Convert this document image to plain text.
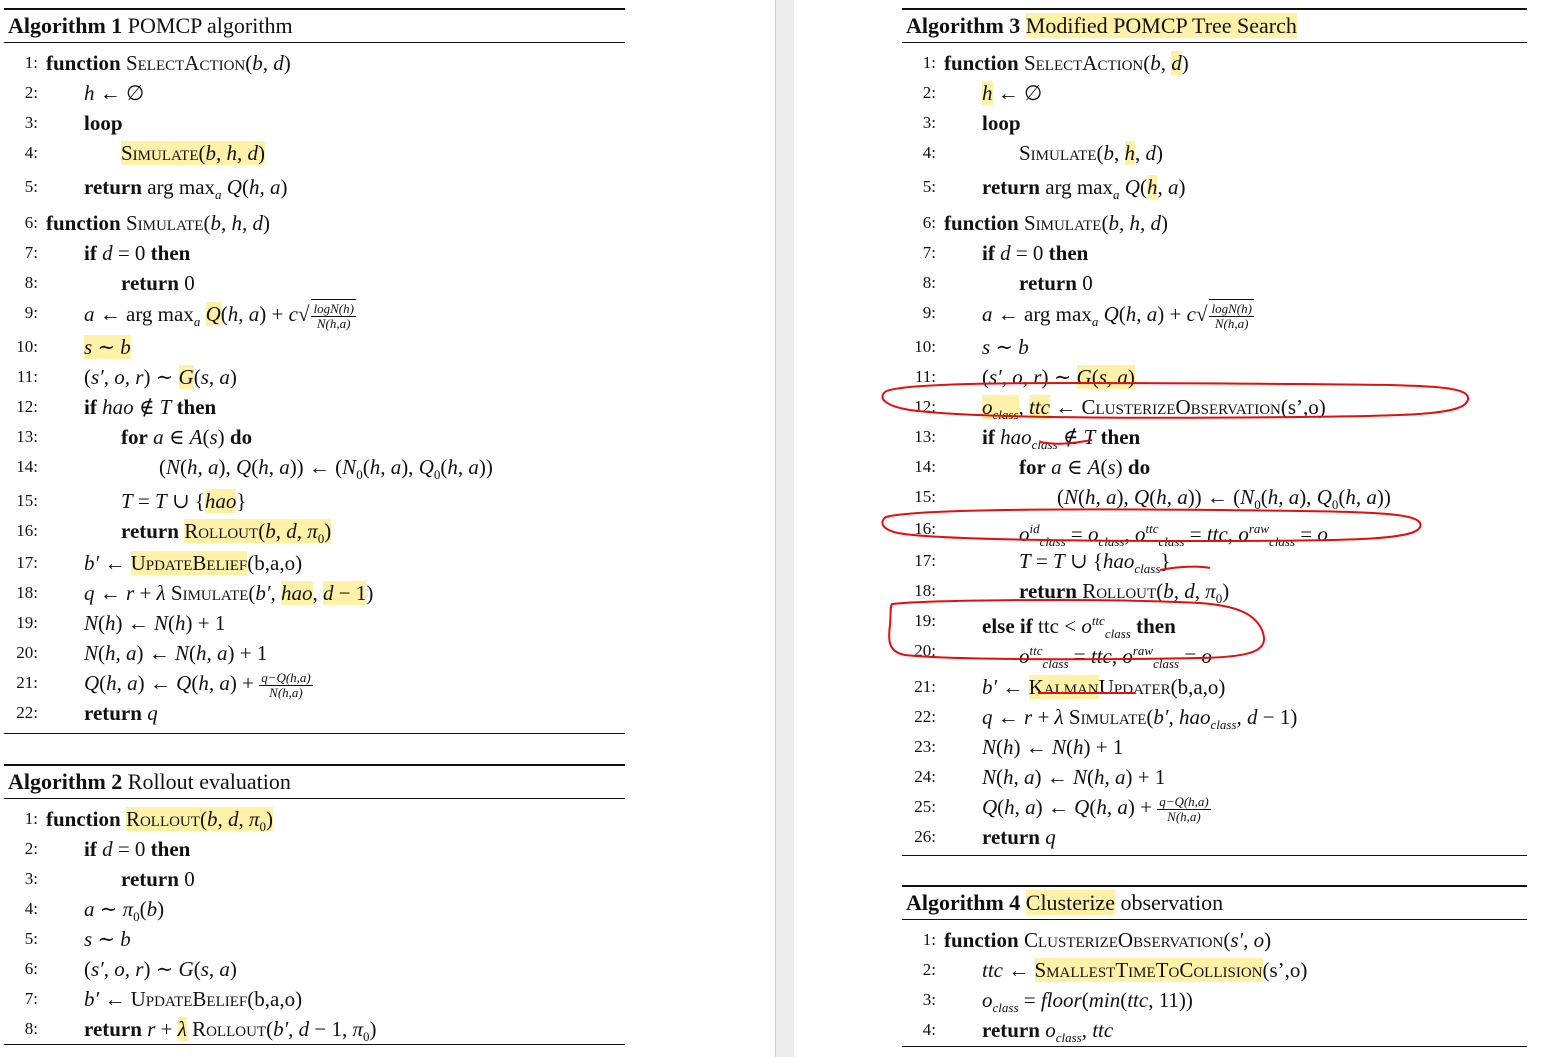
Algorithm 1 POMCP algorithm
1: function SelectAction(b, d)
2: h ← ∅
3: loop
4:	Simulate(b, h, d)
5: return arg $\max_a Q(h$, a)
6: function Simulate(b, h, d)
7: if d = 0 then
8:	return 0
9: a ← arg $\max_a Q(h$, $a) + c√ \frac{\log N(h)}{N(h,a)}$
10: s ∼ b
11: (s′, o, r) ∼ G(s, a)
12: if hao ∉ T then
13:	for a ∈ A(s) do
14:	(N(h, a), Q(h, a)) ← ($N_0(h$, a), $Q_0(h$, a))
15:	T = T ∪ {hao}
16:	return Rollout(b, d, $\pi_0$)
17: b′ ← UpdateBelief(b,a,o)
18: q ← r + λ Simulate(b′, hao, d − 1)
19: N(h) ← N(h) + 1
20: N(h, a) ← N(h, a) + 1
21: Q(h, a) ← Q(h, $a) + \frac{q-Q(h,a)}{N(h,a)}$
22: return q
Algorithm 2 Rollout evaluation
1: function Rollout(b, d, $\pi_0$)
2: if d = 0 then
3:	return 0
4: a ∼ $\pi_0(b)$
5: s ∼ b
6: (s′, o, r) ∼ G(s, a)
7: b′ ← UpdateBelief(b,a,o)
8: return r + λ Rollout(b′, d − 1, $\pi_0$)
Algorithm 3 Modified POMCP Tree Search
1: function SelectAction(b, d)
2: h ← ∅
3: loop
4:	Simulate(b, h, d)
5: return arg $\max_a Q(h$, a)
6: function Simulate(b, h, d)
7: if d = 0 then
8:	return 0
9: a ← arg $\max_a Q(h$, $a) + c√ \frac{\log N(h)}{N(h,a)}$
10: s ∼ b
11: (s′, o, r) ∼ G(s, a)
12: $o_{class}$, ttc ← ClusterizeObservation(s’,o)
13: if hao$_{class}$ ∉ T then
14:	for a ∈ A(s) do
15:	(N(h, a), Q(h, a)) ← ($N_0(h$, a), $Q_0(h$, a))
16:	$o^{id}_{class} = o_{class}$, $o^{ttc}_{class}$ = ttc, $o^{raw}_{class} = o$
17:	T = T ∪ {hao$_{class}$}
18:	return Rollout(b, d, $\pi_0$)
19: else if ttc < $o^{ttc}_{class}$ then
20:	$o^{ttc}_{class}$ = ttc, $o^{raw}_{class} = o$
21: b′ ← KalmanUpdater(b,a,o)
22: q ← r + λ Simulate(b′, hao$_{class}$, d − 1)
23: N(h) ← N(h) + 1
24: N(h, a) ← N(h, a) + 1
25: Q(h, a) ← Q(h, $a) + \frac{q-Q(h,a)}{N(h,a)}$
26: return q
Algorithm 4 Clusterize observation
1: function ClusterizeObservation(s′, o)
2: ttc ← SmallestTimeToCollision(s’,o)
3: $o_{class}$ = floor(min(ttc, 11))
4: return $o_{class}$, ttc
